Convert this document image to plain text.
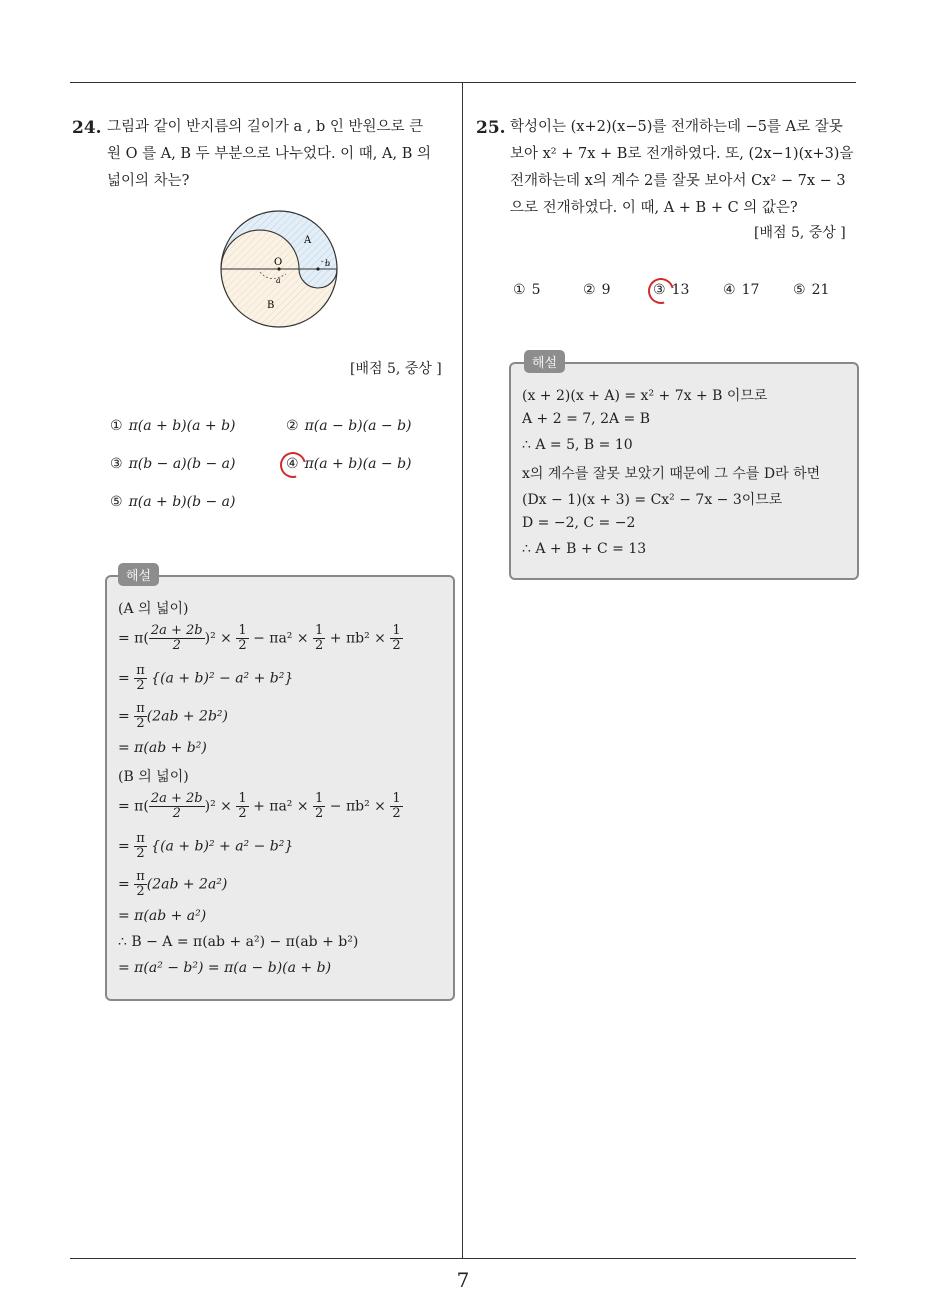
24. 그림과 같이 반지름의 길이가 a , b 인 반원으로 큰
원 O 를 A, B 두 부분으로 나누었다. 이 때, A, B 의
넓이의 차는?
A
O
a
b
B
[배점 5, 중상 ]
① π(a + b)(a + b)	② π(a − b)(a − b)
③ π(b − a)(b − a)	④ π(a + b)(a − b)
⑤ π(a + b)(b − a)
해설
(A 의 넓이)
= $\pi( \frac{2a + 2b}{2} )^2 \times \frac{1}{2} - \pi a^2 \times \frac{1}{2} + \pi b^2 \times \frac{1}{2}$
= $\frac{\pi}{2} \{(a + b)^2 - a^2 + b^2\}$
= $\frac{\pi}{2} (2ab + 2b^2)$
= π(ab + b²)
(B 의 넓이)
= $\pi( \frac{2a + 2b}{2} )^2 \times \frac{1}{2} + \pi a^2 \times \frac{1}{2} - \pi b^2 \times \frac{1}{2}$
= $\frac{\pi}{2} \{(a + b)^2 + a^2 - b^2\}$
= $\frac{\pi}{2} (2ab + 2a^2)$
= π(ab + a²)
∴ B − A = π(ab + a²) − π(ab + b²)
= π(a² − b²) = π(a − b)(a + b)
25. 학성이는 (x+2)(x−5)를 전개하는데 −5를 A로 잘못
보아 x² + 7x + B로 전개하였다. 또, (2x−1)(x+3)을
전개하는데 x의 계수 2를 잘못 보아서 Cx² − 7x − 3
으로 전개하였다. 이 때, A + B + C 의 값은?
[배점 5, 중상 ]
① 5	② 9	③ 13 ④ 17 ⑤ 21
해설
(x + 2)(x + A) = x² + 7x + B 이므로
A + 2 = 7, 2A = B
∴ A = 5, B = 10
x의 계수를 잘못 보았기 때문에 그 수를 D라 하면
(Dx − 1)(x + 3) = Cx² − 7x − 3이므로
D = −2, C = −2
∴ A + B + C = 13
7
